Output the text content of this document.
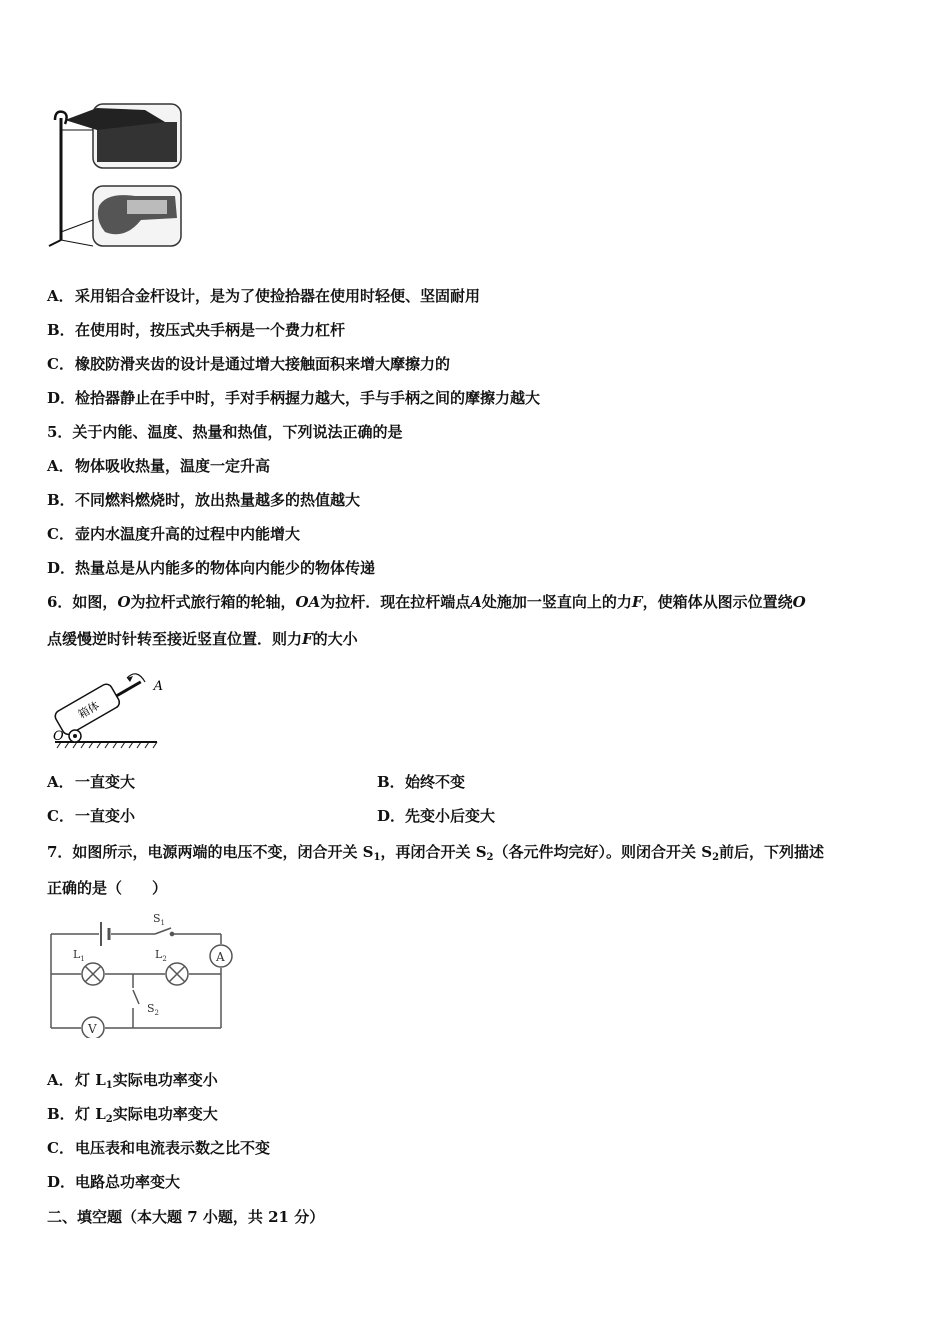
A．采用铝合金杆设计，是为了使捡拾器在使用时轻便、坚固耐用
B．在使用时，按压式央手柄是一个费力杠杆
C．橡胶防滑夹齿的设计是通过增大接触面积来增大摩擦力的
D．检拾器静止在手中时，手对手柄握力越大，手与手柄之间的摩擦力越大
5．关于内能、温度、热量和热值，下列说法正确的是
A．物体吸收热量，温度一定升高
B．不同燃料燃烧时，放出热量越多的热值越大
C．壶内水温度升高的过程中内能增大
D．热量总是从内能多的物体向内能少的物体传递
6．如图，O为拉杆式旅行箱的轮轴，OA为拉杆．现在拉杆端点A处施加一竖直向上的力F，使箱体从图示位置绕O
点缓慢逆时针转至接近竖直位置．则力F的大小
箱体
A
O
A．一直变大	B．始终不变
C．一直变小	D．先变小后变大
7．如图所示，电源两端的电压不变，闭合开关 $S_1$，再闭合开关 $S_2$（各元件均完好）。则闭合开关 $S_2$前后，下列描述
正确的是（　　）
A
V
$S_1$
$S_2$
$L_1$	$L_2$
A．灯 $L_1$实际电功率变小
B．灯 $L_2$实际电功率变大
C．电压表和电流表示数之比不变
D．电路总功率变大
二、填空题（本大题 7 小题，共 21 分）
